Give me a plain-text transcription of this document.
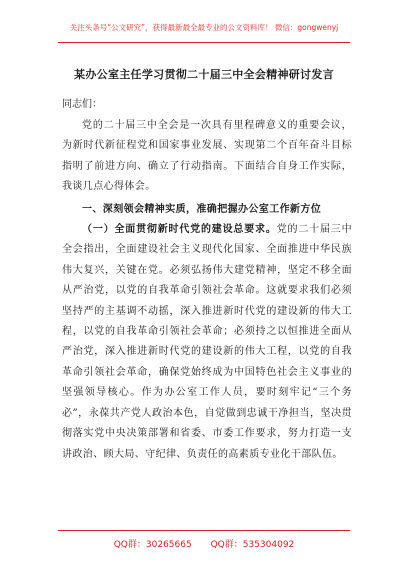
关注头条号“公文研究”，获得最新最全最专业的公文资料库！ 微信：gongwenyj
某办公室主任学习贯彻二十届三中全会精神研讨发言
同志们：

党的二十届三中全会是一次具有里程碑意义的重要会议，为新时代新征程党和国家事业发展、实现第二个百年奋斗目标指明了前进方向、确立了行动指南。下面结合自身工作实际，我谈几点心得体会。

一、深刻领会精神实质，准确把握办公室工作新方位

（一）全面贯彻新时代党的建设总要求。党的二十届三中全会指出，全面建设社会主义现代化国家、全面推进中华民族伟大复兴，关键在党。必须弘扬伟大建党精神，坚定不移全面从严治党，以党的自我革命引领社会革命。这就要求我们必须坚持严的主基调不动摇，深入推进新时代党的建设新的伟大工程，以党的自我革命引领社会革命；必须持之以恒推进全面从严治党，深入推进新时代党的建设新的伟大工程，以党的自我革命引领社会革命，确保党始终成为中国特色社会主义事业的坚强领导核心。作为办公室工作人员，要时刻牢记“三个务必”，永葆共产党人政治本色，自觉做到忠诚干净担当，坚决贯彻落实党中央决策部署和省委、市委工作要求，努力打造一支讲政治、顾大局、守纪律、负责任的高素质专业化干部队伍。

QQ群：30265665 QQ群：535304092
